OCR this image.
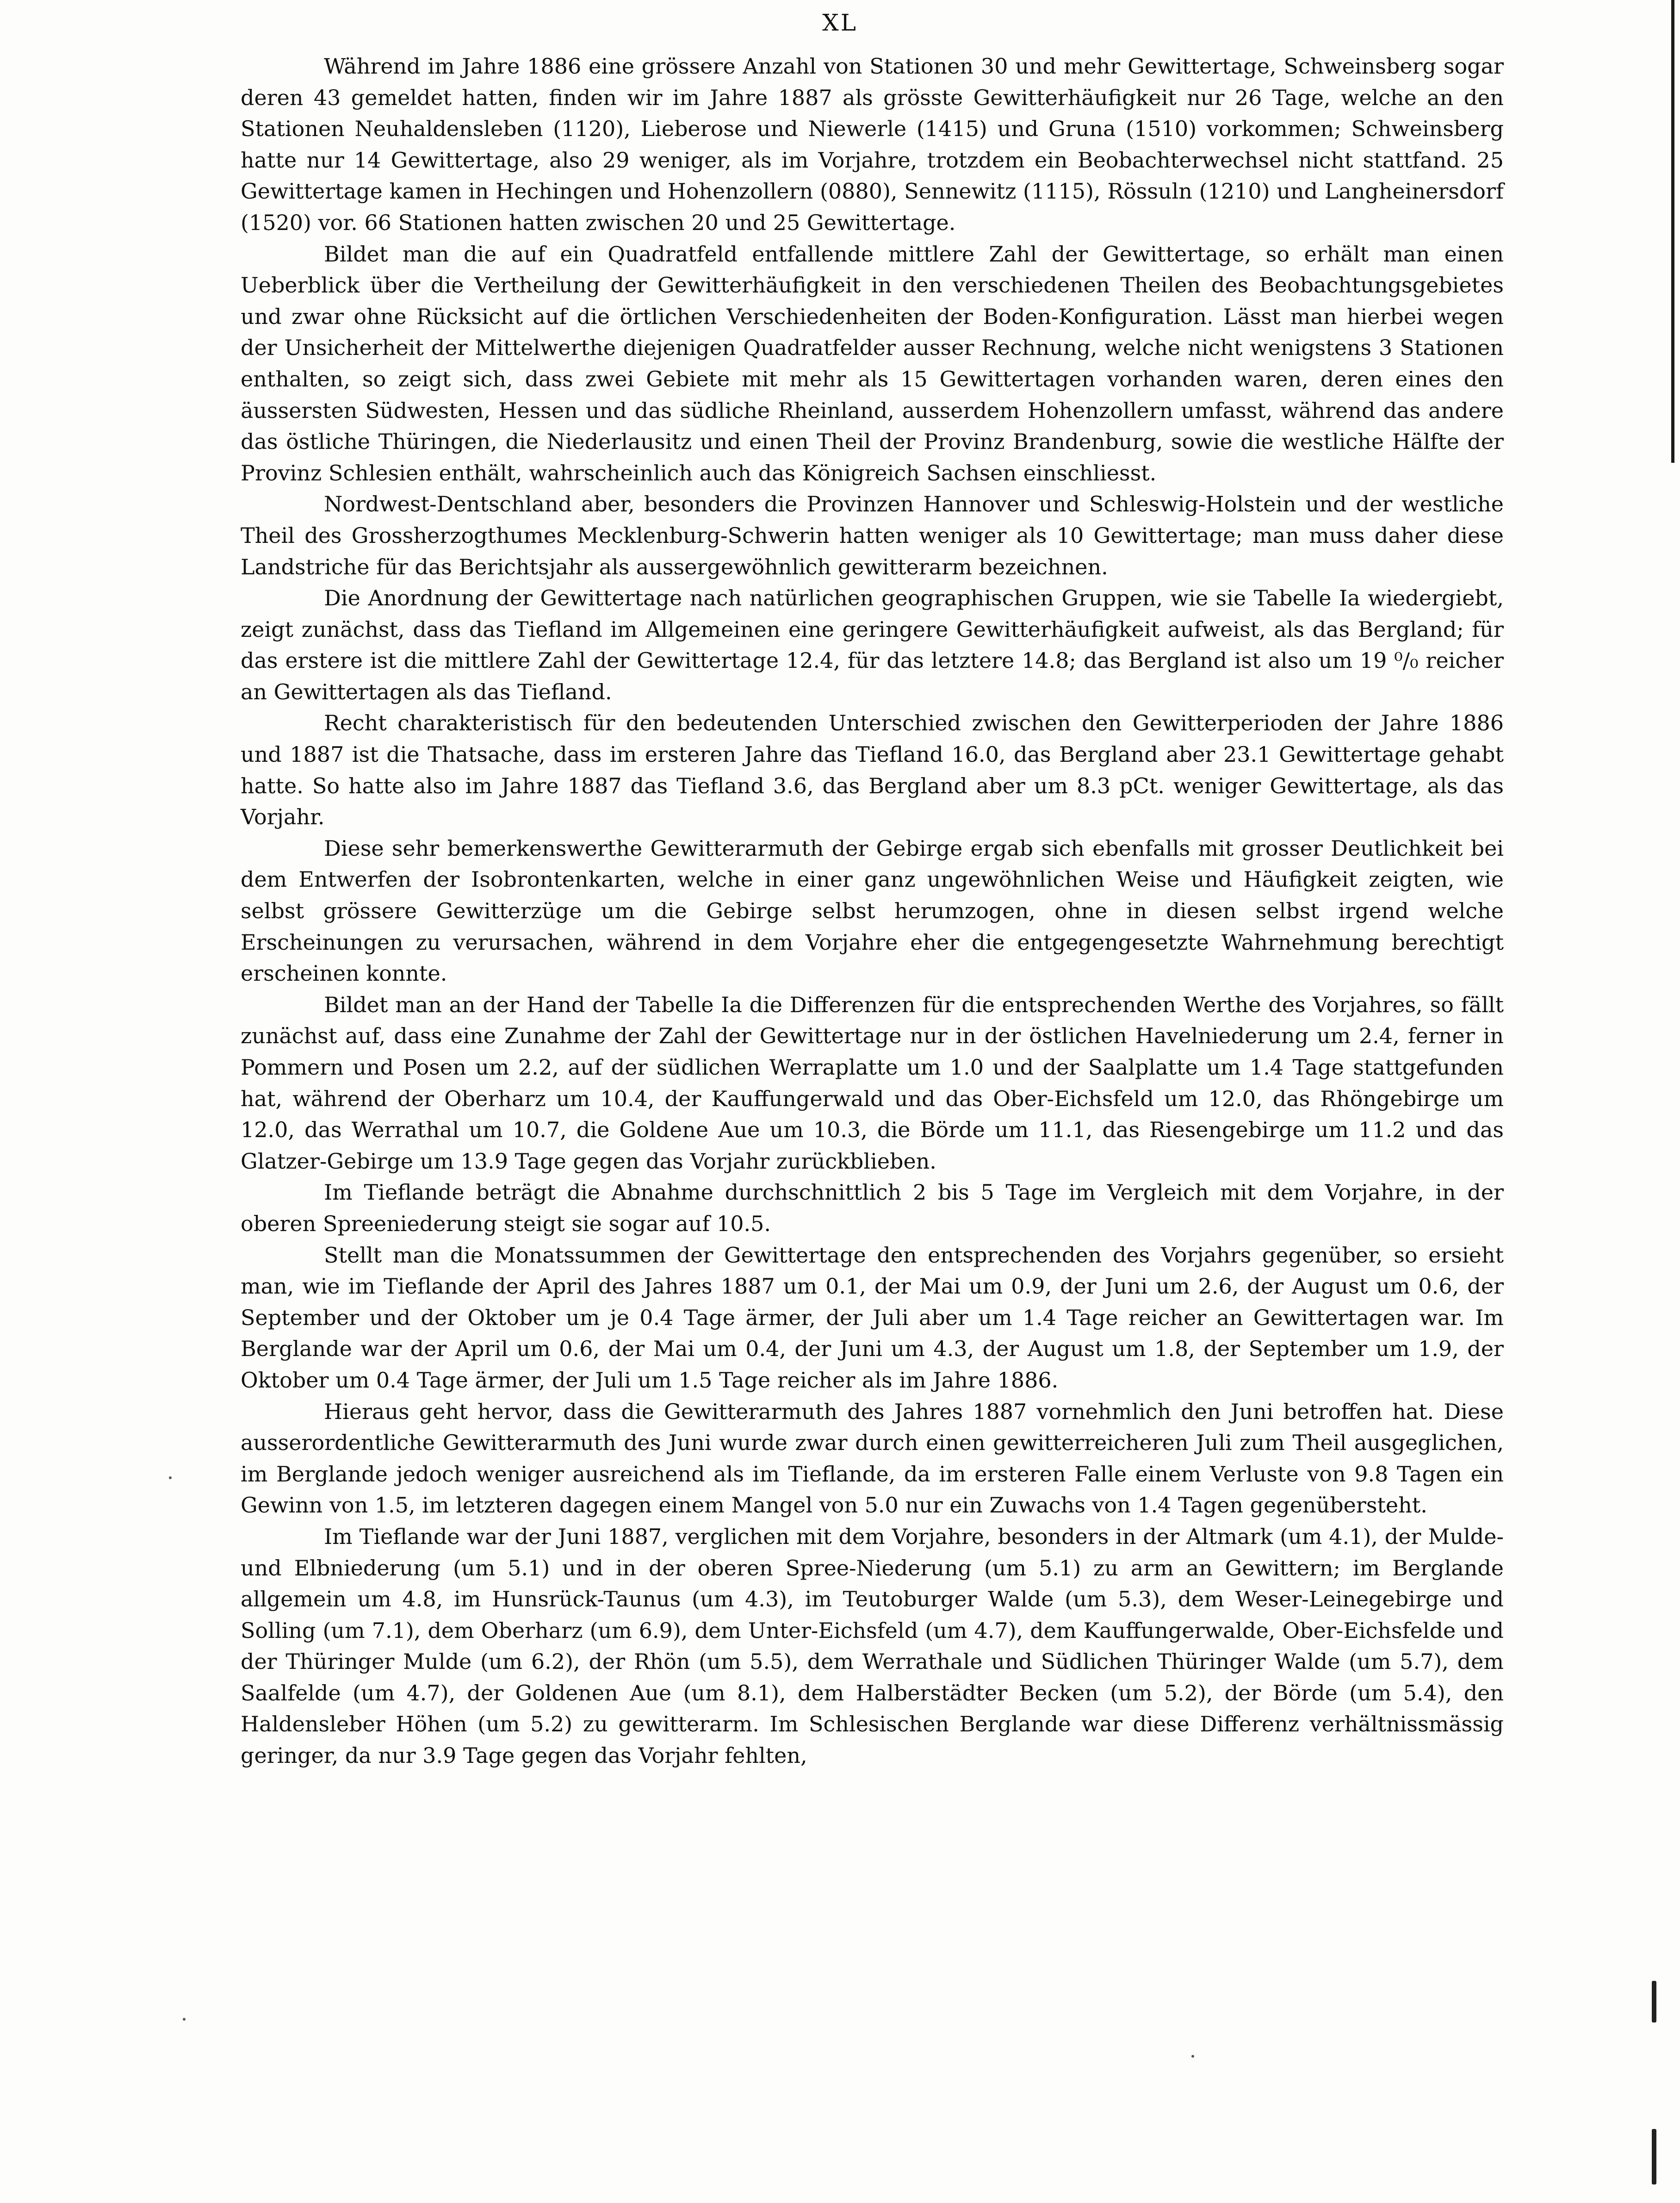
XL

Während im Jahre 1886 eine grössere Anzahl von Stationen 30 und mehr Gewittertage, Schweinsberg sogar deren 43 gemeldet hatten, finden wir im Jahre 1887 als grösste Gewitterhäufigkeit nur 26 Tage, welche an den Stationen Neuhaldensleben (1120), Lieberose und Niewerle (1415) und Gruna (1510) vorkommen; Schweinsberg hatte nur 14 Gewittertage, also 29 weniger, als im Vorjahre, trotzdem ein Beobachterwechsel nicht stattfand. 25 Gewittertage kamen in Hechingen und Hohenzollern (0880), Sennewitz (1115), Rössuln (1210) und Langheinersdorf (1520) vor. 66 Stationen hatten zwischen 20 und 25 Gewittertage.

Bildet man die auf ein Quadratfeld entfallende mittlere Zahl der Gewittertage, so erhält man einen Ueberblick über die Vertheilung der Gewitterhäufigkeit in den verschiedenen Theilen des Beobachtungsgebietes und zwar ohne Rücksicht auf die örtlichen Verschiedenheiten der Boden-Konfiguration. Lässt man hierbei wegen der Unsicherheit der Mittelwerthe diejenigen Quadratfelder ausser Rechnung, welche nicht wenigstens 3 Stationen enthalten, so zeigt sich, dass zwei Gebiete mit mehr als 15 Gewittertagen vorhanden waren, deren eines den äussersten Südwesten, Hessen und das südliche Rheinland, ausserdem Hohenzollern umfasst, während das andere das östliche Thüringen, die Niederlausitz und einen Theil der Provinz Brandenburg, sowie die westliche Hälfte der Provinz Schlesien enthält, wahrscheinlich auch das Königreich Sachsen einschliesst.

Nordwest-Dentschland aber, besonders die Provinzen Hannover und Schleswig-Holstein und der westliche Theil des Grossherzogthumes Mecklenburg-Schwerin hatten weniger als 10 Gewittertage; man muss daher diese Landstriche für das Berichtsjahr als aussergewöhnlich gewitterarm bezeichnen.

Die Anordnung der Gewittertage nach natürlichen geographischen Gruppen, wie sie Tabelle Ia wiedergiebt, zeigt zunächst, dass das Tiefland im Allgemeinen eine geringere Gewitterhäufigkeit aufweist, als das Bergland; für das erstere ist die mittlere Zahl der Gewittertage 12.4, für das letztere 14.8; das Bergland ist also um 19 ⁰/₀ reicher an Gewittertagen als das Tiefland.

Recht charakteristisch für den bedeutenden Unterschied zwischen den Gewitterperioden der Jahre 1886 und 1887 ist die Thatsache, dass im ersteren Jahre das Tiefland 16.0, das Bergland aber 23.1 Gewittertage gehabt hatte. So hatte also im Jahre 1887 das Tiefland 3.6, das Bergland aber um 8.3 pCt. weniger Gewittertage, als das Vorjahr.

Diese sehr bemerkenswerthe Gewitterarmuth der Gebirge ergab sich ebenfalls mit grosser Deutlichkeit bei dem Entwerfen der Isobrontenkarten, welche in einer ganz ungewöhnlichen Weise und Häufigkeit zeigten, wie selbst grössere Gewitterzüge um die Gebirge selbst herumzogen, ohne in diesen selbst irgend welche Erscheinungen zu verursachen, während in dem Vorjahre eher die entgegengesetzte Wahrnehmung berechtigt erscheinen konnte.

Bildet man an der Hand der Tabelle Ia die Differenzen für die entsprechenden Werthe des Vorjahres, so fällt zunächst auf, dass eine Zunahme der Zahl der Gewittertage nur in der östlichen Havelniederung um 2.4, ferner in Pommern und Posen um 2.2, auf der südlichen Werraplatte um 1.0 und der Saalplatte um 1.4 Tage stattgefunden hat, während der Oberharz um 10.4, der Kauffungerwald und das Ober-Eichsfeld um 12.0, das Rhöngebirge um 12.0, das Werrathal um 10.7, die Goldene Aue um 10.3, die Börde um 11.1, das Riesengebirge um 11.2 und das Glatzer-Gebirge um 13.9 Tage gegen das Vorjahr zurückblieben.

Im Tieflande beträgt die Abnahme durchschnittlich 2 bis 5 Tage im Vergleich mit dem Vorjahre, in der oberen Spreeniederung steigt sie sogar auf 10.5.

Stellt man die Monatssummen der Gewittertage den entsprechenden des Vorjahrs gegenüber, so ersieht man, wie im Tieflande der April des Jahres 1887 um 0.1, der Mai um 0.9, der Juni um 2.6, der August um 0.6, der September und der Oktober um je 0.4 Tage ärmer, der Juli aber um 1.4 Tage reicher an Gewittertagen war. Im Berglande war der April um 0.6, der Mai um 0.4, der Juni um 4.3, der August um 1.8, der September um 1.9, der Oktober um 0.4 Tage ärmer, der Juli um 1.5 Tage reicher als im Jahre 1886.

Hieraus geht hervor, dass die Gewitterarmuth des Jahres 1887 vornehmlich den Juni betroffen hat. Diese ausserordentliche Gewitterarmuth des Juni wurde zwar durch einen gewitterreicheren Juli zum Theil ausgeglichen, im Berglande jedoch weniger ausreichend als im Tieflande, da im ersteren Falle einem Verluste von 9.8 Tagen ein Gewinn von 1.5, im letzteren dagegen einem Mangel von 5.0 nur ein Zuwachs von 1.4 Tagen gegenübersteht.

Im Tieflande war der Juni 1887, verglichen mit dem Vorjahre, besonders in der Altmark (um 4.1), der Mulde- und Elbniederung (um 5.1) und in der oberen Spree-Niederung (um 5.1) zu arm an Gewittern; im Berglande allgemein um 4.8, im Hunsrück-Taunus (um 4.3), im Teutoburger Walde (um 5.3), dem Weser-Leinegebirge und Solling (um 7.1), dem Oberharz (um 6.9), dem Unter-Eichsfeld (um 4.7), dem Kauffungerwalde, Ober-Eichsfelde und der Thüringer Mulde (um 6.2), der Rhön (um 5.5), dem Werrathale und Südlichen Thüringer Walde (um 5.7), dem Saalfelde (um 4.7), der Goldenen Aue (um 8.1), dem Halberstädter Becken (um 5.2), der Börde (um 5.4), den Haldensleber Höhen (um 5.2) zu gewitterarm. Im Schlesischen Berglande war diese Differenz verhältnissmässig geringer, da nur 3.9 Tage gegen das Vorjahr fehlten,
